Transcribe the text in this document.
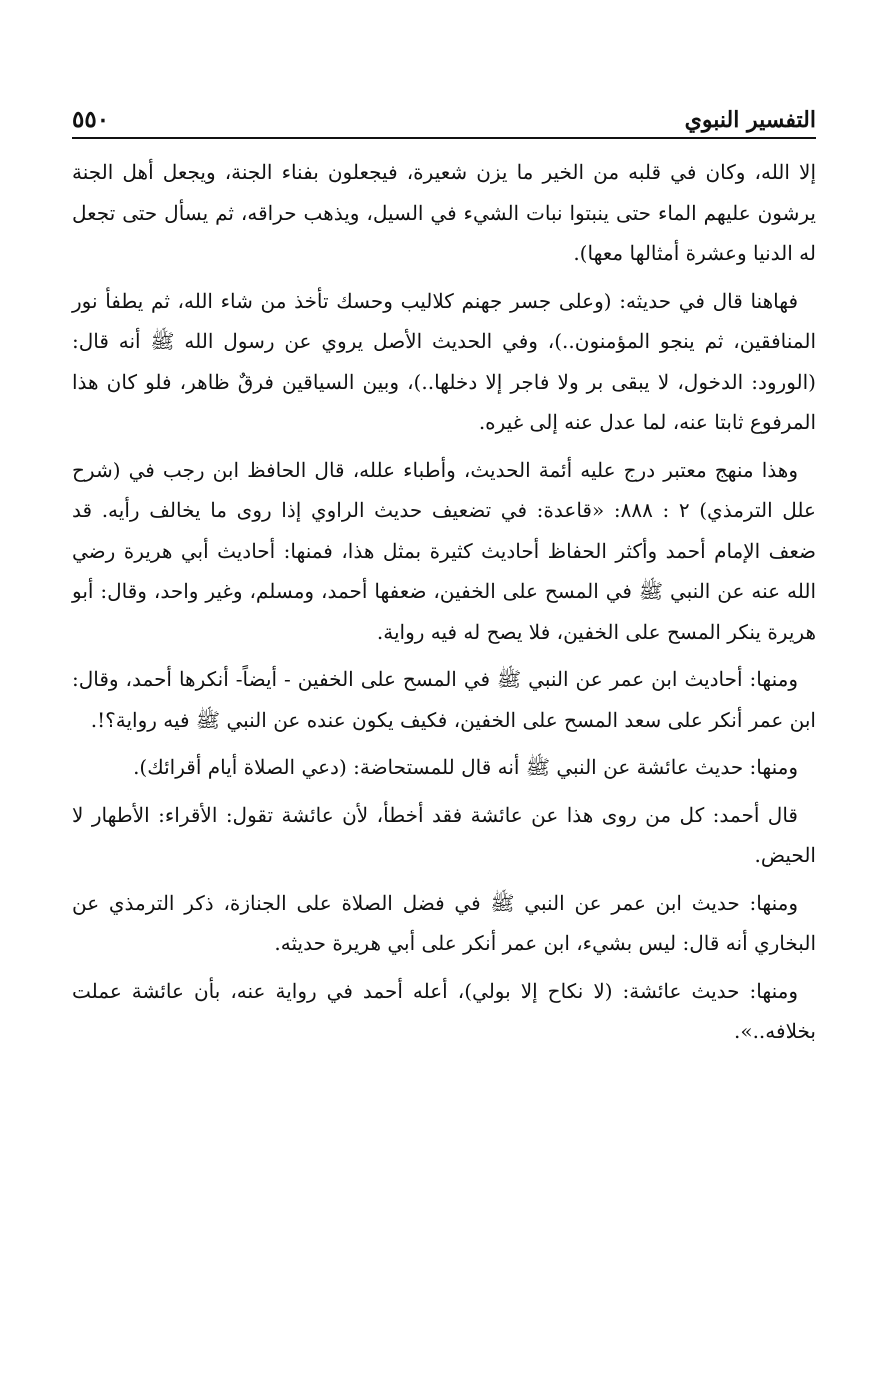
التفسير النبوي
٥٥٠

إلا الله، وكان في قلبه من الخير ما يزن شعيرة، فيجعلون بفناء الجنة، ويجعل أهل الجنة يرشون عليهم الماء حتى ينبتوا نبات الشيء في السيل، ويذهب حراقه، ثم يسأل حتى تجعل له الدنيا وعشرة أمثالها معها).

فهاهنا قال في حديثه: (وعلى جسر جهنم كلاليب وحسك تأخذ من شاء الله، ثم يطفأ نور المنافقين، ثم ينجو المؤمنون..)، وفي الحديث الأصل يروي عن رسول الله ﷺ أنه قال: (الورود: الدخول، لا يبقى بر ولا فاجر إلا دخلها..)، وبين السياقين فرقٌ ظاهر، فلو كان هذا المرفوع ثابتا عنه، لما عدل عنه إلى غيره.

وهذا منهج معتبر درج عليه أئمة الحديث، وأطباء علله، قال الحافظ ابن رجب في (شرح علل الترمذي) ٢ : ٨٨٨: «قاعدة: في تضعيف حديث الراوي إذا روى ما يخالف رأيه. قد ضعف الإمام أحمد وأكثر الحفاظ أحاديث كثيرة بمثل هذا، فمنها: أحاديث أبي هريرة رضي الله عنه عن النبي ﷺ في المسح على الخفين، ضعفها أحمد، ومسلم، وغير واحد، وقال: أبو هريرة ينكر المسح على الخفين، فلا يصح له فيه رواية.

ومنها: أحاديث ابن عمر عن النبي ﷺ في المسح على الخفين - أيضاً- أنكرها أحمد، وقال: ابن عمر أنكر على سعد المسح على الخفين، فكيف يكون عنده عن النبي ﷺ فيه رواية؟!.

ومنها: حديث عائشة عن النبي ﷺ أنه قال للمستحاضة: (دعي الصلاة أيام أقرائك).

قال أحمد: كل من روى هذا عن عائشة فقد أخطأ، لأن عائشة تقول: الأقراء: الأطهار لا الحيض.

ومنها: حديث ابن عمر عن النبي ﷺ في فضل الصلاة على الجنازة، ذكر الترمذي عن البخاري أنه قال: ليس بشيء، ابن عمر أنكر على أبي هريرة حديثه.

ومنها: حديث عائشة: (لا نكاح إلا بولي)، أعله أحمد في رواية عنه، بأن عائشة عملت بخلافه..».
